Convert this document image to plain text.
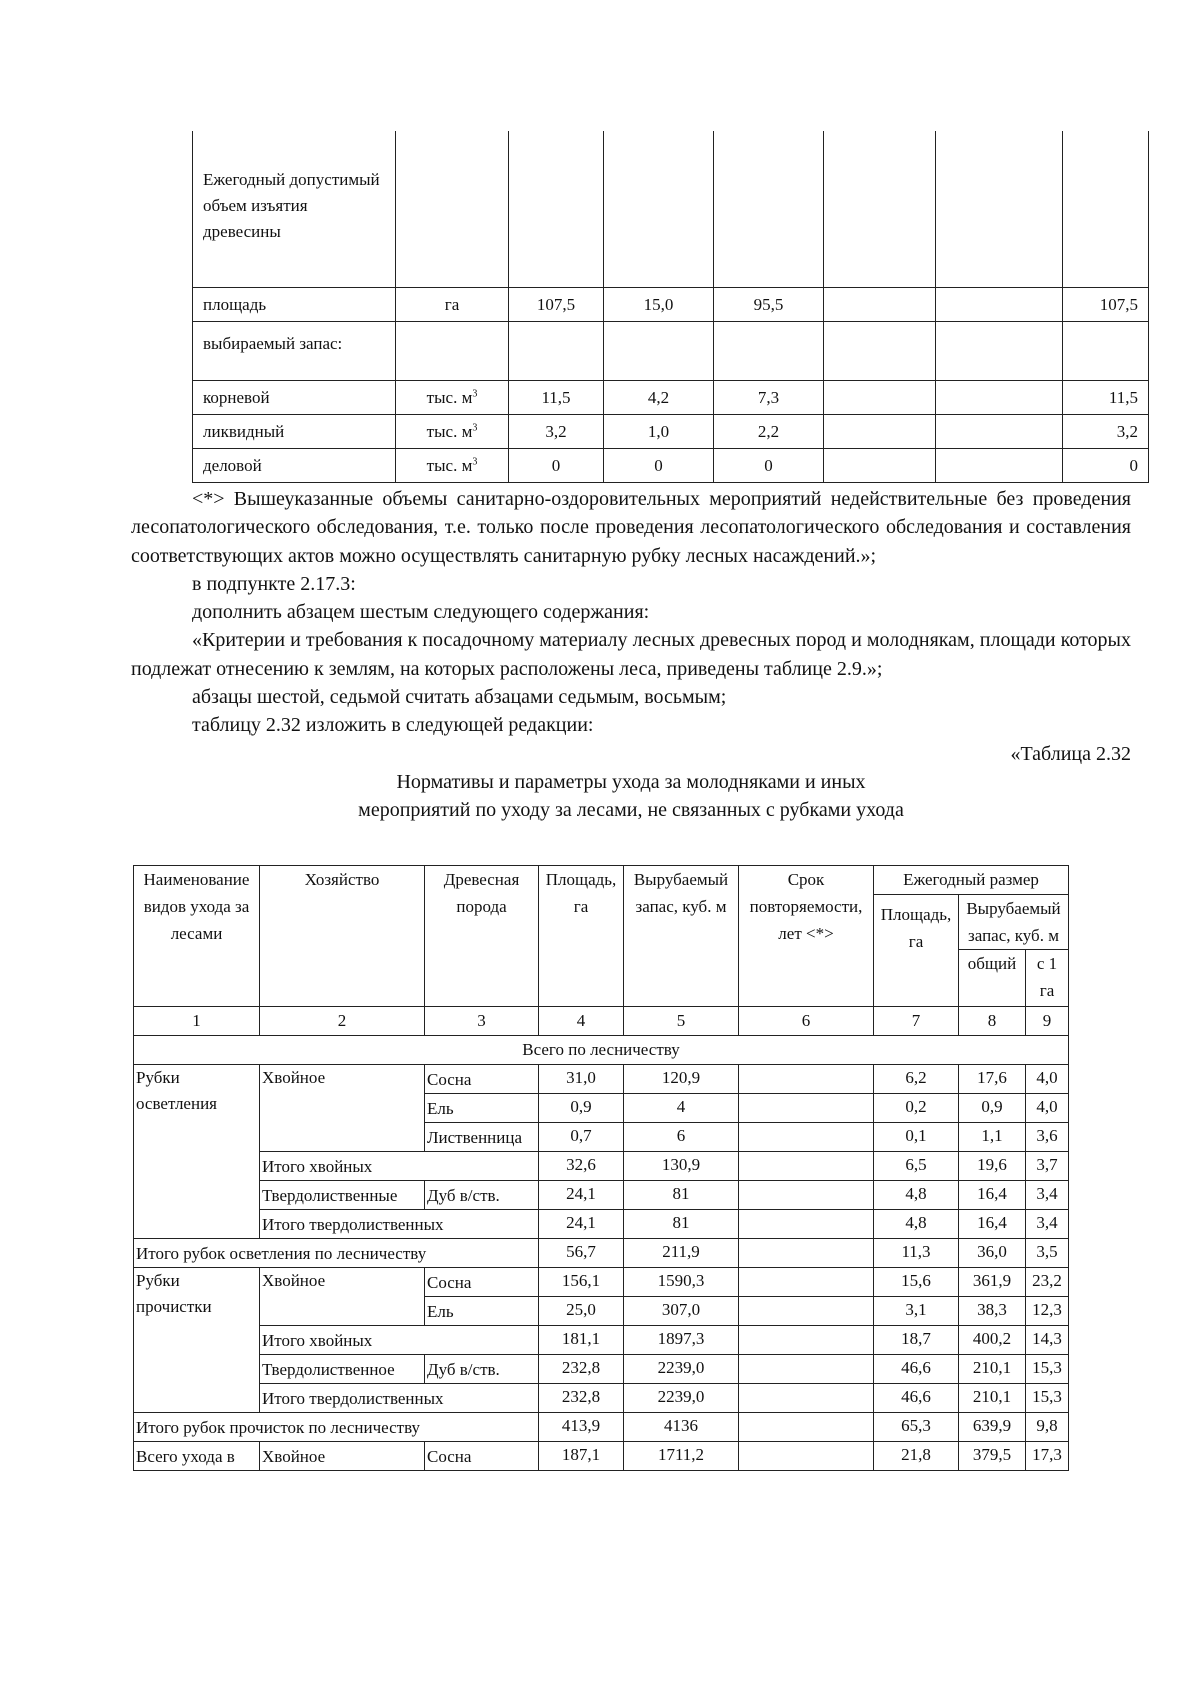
Ежегодный допустимый объем изъятия древесины							
площадь	га	107,5	15,0	95,5			107,5
выбираемый запас:							
корневой	тыс. $м^3$	11,5	4,2	7,3			11,5
ликвидный	тыс. $м^3$	3,2	1,0	2,2			3,2
деловой	тыс. $м^3$	0	0	0			0

<*> Вышеуказанные объемы санитарно-оздоровительных мероприятий недействительные без проведения лесопатологического обследования, т.е. только после проведения лесопатологического обследования и составления соответствующих актов можно осуществлять санитарную рубку лесных насаждений.»;

в подпункте 2.17.3:

дополнить абзацем шестым следующего содержания:

«Критерии и требования к посадочному материалу лесных древесных пород и молоднякам, площади которых подлежат отнесению к землям, на которых расположены леса, приведены таблице 2.9.»;

абзацы шестой, седьмой считать абзацами седьмым, восьмым;

таблицу 2.32 изложить в следующей редакции:

«Таблица 2.32

Нормативы и параметры ухода за молодняками и иных

мероприятий по уходу за лесами, не связанных с рубками ухода

Наименование видов ухода за лесами	Хозяйство	Древесная порода	Площадь, га	Вырубаемый запас, куб. м	Срок повторяемости, лет <*>	Ежегодный размер		
						Площадь, га	Вырубаемый запас, куб. м	
							общий	с 1 га
1	2	3	4	5	6	7	8	9
Всего по лесничеству								
Рубки осветления	Хвойное	Сосна	31,0	120,9		6,2	17,6	4,0
		Ель	0,9	4		0,2	0,9	4,0
		Лиственница	0,7	6		0,1	1,1	3,6
	Итого хвойных		32,6	130,9		6,5	19,6	3,7
	Твердолиственные	Дуб в/ств.	24,1	81		4,8	16,4	3,4
	Итого твердолиственных		24,1	81		4,8	16,4	3,4
Итого рубок осветления по лесничеству			56,7	211,9		11,3	36,0	3,5
Рубки прочистки	Хвойное	Сосна	156,1	1590,3		15,6	361,9	23,2
		Ель	25,0	307,0		3,1	38,3	12,3
	Итого хвойных		181,1	1897,3		18,7	400,2	14,3
	Твердолиственное	Дуб в/ств.	232,8	2239,0		46,6	210,1	15,3
	Итого твердолиственных		232,8	2239,0		46,6	210,1	15,3
Итого рубок прочисток по лесничеству			413,9	4136		65,3	639,9	9,8
Всего ухода в	Хвойное	Сосна	187,1	1711,2		21,8	379,5	17,3
